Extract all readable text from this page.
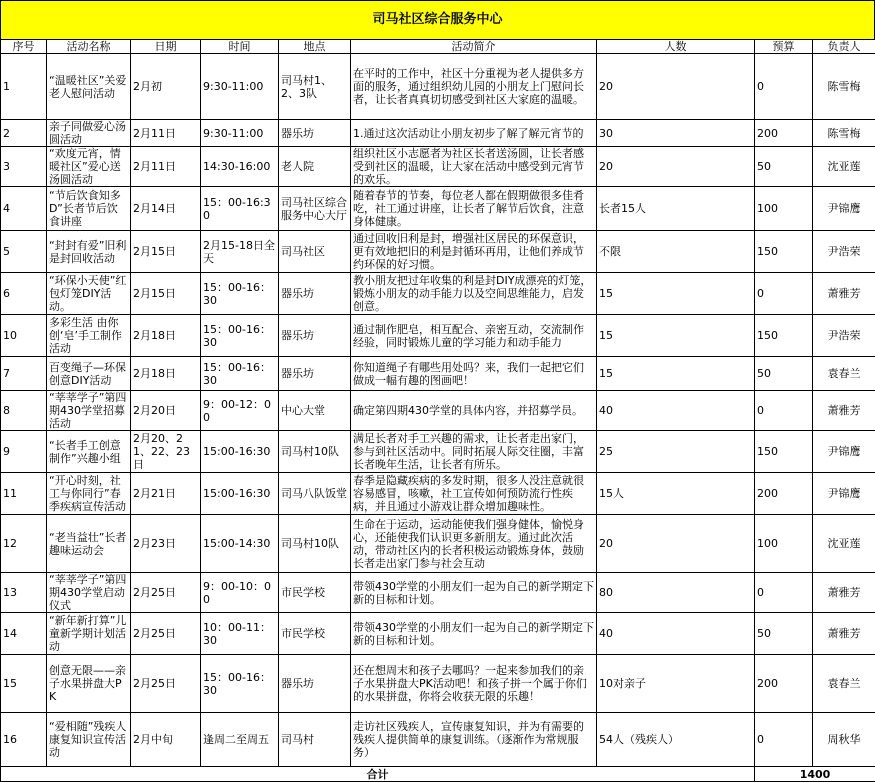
司马社区综合服务中心
序号	活动名称	日期	时间	地点	活动简介	人数	预算	负责人
1	“温暖社区”关爱老人慰问活动	2月初	9:30-11:00	司马村1、2、3队	在平时的工作中，社区十分重视为老人提供多方面的服务，通过组织幼儿园的小朋友上门慰问长者，让长者真真切切感受到社区大家庭的温暖。	20	0	陈雪梅
2	亲子同做爱心汤圆活动	2月11日	9:30-11:00	器乐坊	1.通过这次活动让小朋友初步了解了解元宵节的	30	200	陈雪梅
3	“欢度元宵，情暖社区”爱心送汤圆活动	2月11日	14:30-16:00	老人院	组织社区小志愿者为社区长者送汤圆，让长者感受到社区的温暖，让大家在活动中感受到元宵节的欢乐。	20	50	沈亚莲
4	“节后饮食知多D”长者节后饮食讲座	2月14日	15：00-16:30	司马社区综合服务中心大厅	随着春节的节奏，每位老人都在假期做很多佳肴吃，社工通过讲座，让长者了解节后饮食，注意身体健康。	长者15人	100	尹锦鹰
5	“封封有爱”旧利是封回收活动	2月15日	2月15-18日全天	司马社区	通过回收旧利是封，增强社区居民的环保意识，更有效地把旧的利是封循环再用，让他们养成节约环保的好习惯。	不限	150	尹浩荣
6	“环保小天使”红包灯笼DIY活动。	2月15日	15：00-16：30	器乐坊	教小朋友把过年收集的利是封DIY成漂亮的灯笼，锻炼小朋友的动手能力以及空间思维能力，启发创意。	15	0	萧雅芳
10	多彩生活 由你创‘皂’手工制作活动	2月18日	15：00-16：30	器乐坊	通过制作肥皂，相互配合、亲密互动，交流制作经验，同时锻炼儿童的学习能力和动手能力	15	150	尹浩荣
7	百变绳子—环保创意DIY活动	2月18日	15：00-16：30	器乐坊	你知道绳子有哪些用处吗？来，我们一起把它们做成一幅有趣的图画吧！	15	50	袁春兰
8	“莘莘学子”第四期430学堂招募活动	2月20日	9：00-12：00	中心大堂	确定第四期430学堂的具体内容，并招募学员。	40	0	萧雅芳
9	“长者手工创意制作”兴趣小组	2月20、21、22、23日	15:00-16:30	司马村10队	满足长者对手工兴趣的需求，让长者走出家门，参与到社区活动中。同时拓展人际交往圈，丰富长者晚年生活，让长者有所乐。	25	150	尹锦鹰
11	“开心时刻，社工与你同行”春季疾病宣传活动	2月21日	15:00-16:30	司马八队饭堂	春季是隐藏疾病的多发时期，很多人没注意就很容易感冒，咳嗽，社工宣传如何预防流行性疾病，并且通过小游戏让群众增加趣味性。	15人	200	尹锦鹰
12	“老当益壮”长者趣味运动会	2月23日	15:00-14:30	司马村10队	生命在于运动，运动能使我们强身健体，愉悦身心，还能使我们认识更多新朋友。通过此次活动，带动社区内的长者积极运动锻炼身体，鼓励长者走出家门参与社会互动	20	100	沈亚莲
13	“莘莘学子”第四期430学堂启动仪式	2月25日	9：00-10：00	市民学校	带领430学堂的小朋友们一起为自己的新学期定下新的目标和计划。	80	0	萧雅芳
14	“新年新打算”儿童新学期计划活动	2月25日	10：00-11：30	市民学校	带领430学堂的小朋友们一起为自己的新学期定下新的目标和计划。	40	50	萧雅芳
15	创意无限——亲子水果拼盘大PK	2月25日	15：00-16：30	器乐坊	还在想周末和孩子去哪吗？一起来参加我们的亲子水果拼盘大PK活动吧！和孩子拼一个属于你们的水果拼盘，你将会收获无限的乐趣！	10对亲子	200	袁春兰
16	“爱相随”残疾人康复知识宣传活动	2月中旬	逢周二至周五	司马村	走访社区残疾人，宣传康复知识，并为有需要的残疾人提供简单的康复训练。（逐渐作为常规服务）	54人（残疾人）	0	周秋华
合计							1400	
